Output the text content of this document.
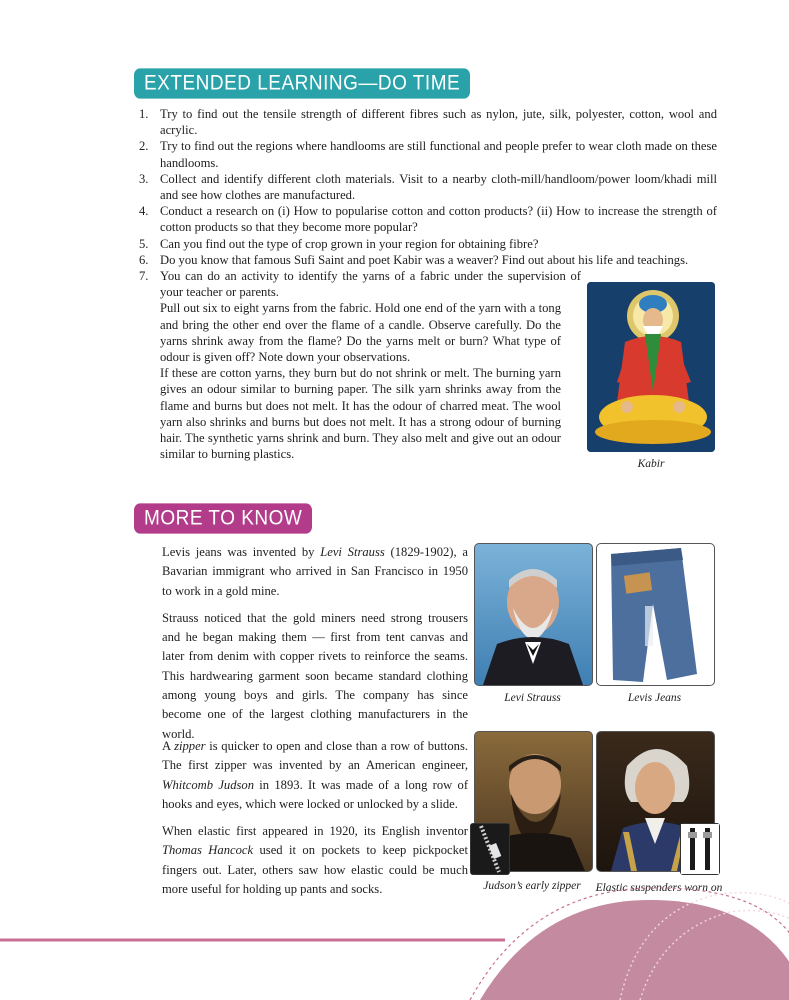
EXTENDED LEARNING—DO TIME
1. Try to find out the tensile strength of different fibres such as nylon, jute, silk, polyester, cotton, wool and acrylic.

2. Try to find out the regions where handlooms are still functional and people prefer to wear cloth made on these handlooms.

3. Collect and identify different cloth materials. Visit to a nearby cloth-mill/handloom/power loom/khadi mill and see how clothes are manufactured.

4. Conduct a research on (i) How to popularise cotton and cotton products? (ii) How to increase the strength of cotton products so that they become more popular?

5. Can you find out the type of crop grown in your region for obtaining fibre?

6. Do you know that famous Sufi Saint and poet Kabir was a weaver? Find out about his life and teachings.

7. You can do an activity to identify the yarns of a fabric under the supervision of your teacher or parents.

Pull out six to eight yarns from the fabric. Hold one end of the yarn with a tong and bring the other end over the flame of a candle. Observe carefully. Do the yarns shrink away from the flame? Do the yarns melt or burn? What type of odour is given off? Note down your observations.

If these are cotton yarns, they burn but do not shrink or melt. The burning yarn gives an odour similar to burning paper. The silk yarn shrinks away from the flame and burns but does not melt. It has the odour of charred meat. The wool yarn also shrinks and burns but does not melt. It has a strong odour of burning hair. The synthetic yarns shrink and burn. They also melt and give out an odour similar to burning plastics.

Kabir
MORE TO KNOW

Levis jeans was invented by Levi Strauss (1829-1902), a Bavarian immigrant who arrived in San Francisco in 1950 to work in a gold mine.

Strauss noticed that the gold miners need strong trousers and he began making them — first from tent canvas and later from denim with copper rivets to reinforce the seams. This hardwearing garment soon became standard clothing among young boys and girls. The company has since become one of the largest clothing manufacturers in the world.

A zipper is quicker to open and close than a row of buttons. The first zipper was invented by an American engineer, Whitcomb Judson in 1893. It was made of a long row of hooks and eyes, which were locked or unlocked by a slide.

When elastic first appeared in 1920, its English inventor Thomas Hancock used it on pockets to keep pickpocket fingers out. Later, others saw how elastic could be much more useful for holding up pants and socks.

Levi Strauss	Levis Jeans
Judson’s early zipper	Elastic suspenders worn on
